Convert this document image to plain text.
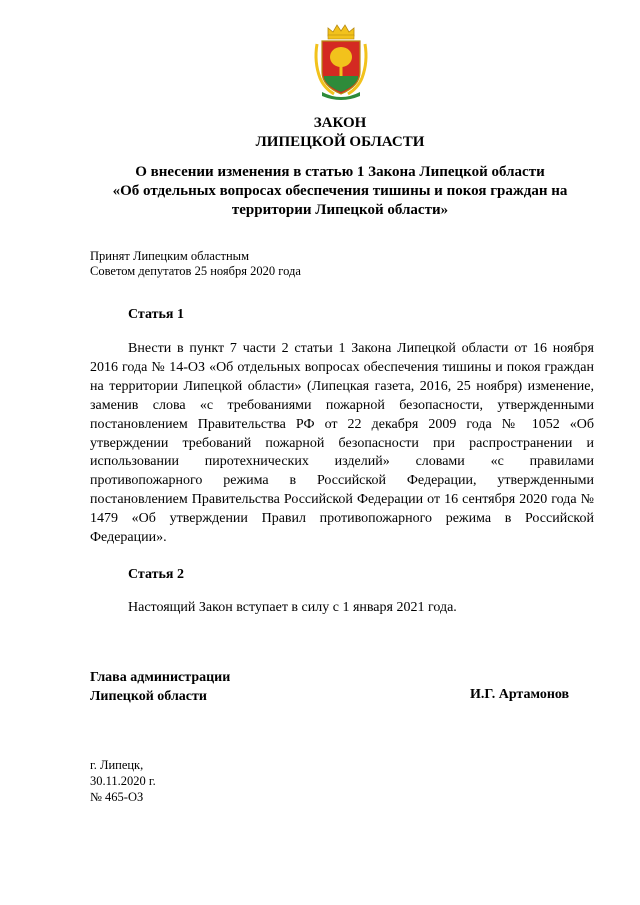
ЗАКОН
ЛИПЕЦКОЙ ОБЛАСТИ
О внесении изменения в статью 1 Закона Липецкой области
«Об отдельных вопросах обеспечения тишины и покоя граждан на
территории Липецкой области»
Принят Липецким областным
Советом депутатов 25 ноября 2020 года
Статья 1
Внести в пункт 7 части 2 статьи 1 Закона Липецкой области от 16 ноября 2016 года № 14-ОЗ «Об отдельных вопросах обеспечения тишины и покоя граждан на территории Липецкой области» (Липецкая газета, 2016, 25 ноября) изменение, заменив слова «с требованиями пожарной безопасности, утвержденными постановлением Правительства РФ от 22 декабря 2009 года № 1052 «Об утверждении требований пожарной безопасности при распространении и использовании пиротехнических изделий» словами «с правилами противопожарного режима в Российской Федерации, утвержденными постановлением Правительства Российской Федерации от 16 сентября 2020 года № 1479 «Об утверждении Правил противопожарного режима в Российской Федерации».
Статья 2
Настоящий Закон вступает в силу с 1 января 2021 года.
Глава администрации
Липецкой области	И.Г. Артамонов
г. Липецк,
30.11.2020 г.
№ 465-ОЗ
